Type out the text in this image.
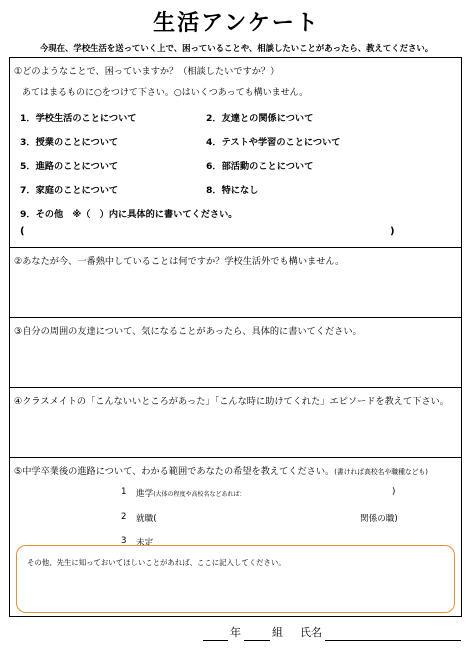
生活アンケート
今現在、学校生活を送っていく上で、困っていることや、相談したいことがあったら、教えてください。
①どのようなことで、困っていますか？（相談したいですか？）
あてはまるものに○をつけて下さい。○はいくつあっても構いません。
1．学校生活のことについて	2．友達との関係について
3．授業のことについて	4．テストや学習のことについて
5．進路のことについて	6．部活動のことについて
7．家庭のことについて	8．特になし
9．その他　※（　）内に具体的に書いてください。
(	)
②あなたが今、一番熱中していることは何ですか？学校生活外でも構いません。
③自分の周囲の友達について、気になることがあったら、具体的に書いてください。
④クラスメイトの「こんないいところがあった」「こんな時に助けてくれた」エピソードを教えて下さい。
⑤中学卒業後の進路について、わかる範囲であなたの希望を教えてください。(書ければ高校名や職種なども)
1 進学(大体の程度や高校名などあれば：	)
2 就職(	関係の職)
3 未定
その他、先生に知っておいてほしいことがあれば、ここに記入してください。
年	組 氏名
